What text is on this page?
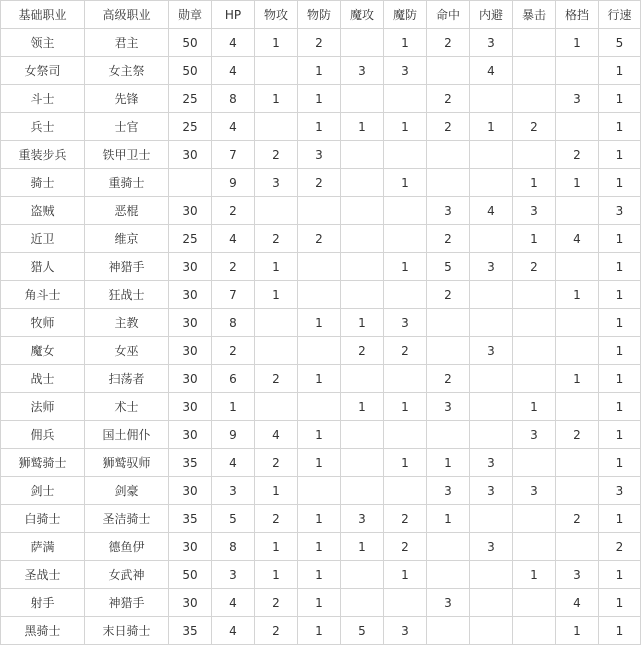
基础职业	高级职业	勋章	HP	物攻	物防	魔攻	魔防	命中	内避	暴击	格挡	行速
领主	君主	50	4	1	2		1	2	3		1	5
女祭司	女主祭	50	4		1	3	3		4			1
斗士	先锋	25	8	1	1			2			3	1
兵士	士官	25	4		1	1	1	2	1	2		1
重装步兵	铁甲卫士	30	7	2	3						2	1
骑士	重骑士		9	3	2		1			1	1	1
盗贼	恶棍	30	2					3	4	3		3
近卫	维京	25	4	2	2			2		1	4	1
猎人	神猎手	30	2	1			1	5	3	2		1
角斗士	狂战士	30	7	1				2			1	1
牧师	主教	30	8		1	1	3					1
魔女	女巫	30	2			2	2		3			1
战士	扫荡者	30	6	2	1			2			1	1
法师	术士	30	1			1	1	3		1		1
佣兵	国土佣仆	30	9	4	1					3	2	1
狮鹫骑士	狮鹫驭师	35	4	2	1		1	1	3			1
剑士	剑豪	30	3	1				3	3	3		3
白骑士	圣洁骑士	35	5	2	1	3	2	1			2	1
萨满	德鱼伊	30	8	1	1	1	2		3			2
圣战士	女武神	50	3	1	1		1			1	3	1
射手	神猎手	30	4	2	1			3			4	1
黑骑士	末日骑士	35	4	2	1	5	3				1	1
